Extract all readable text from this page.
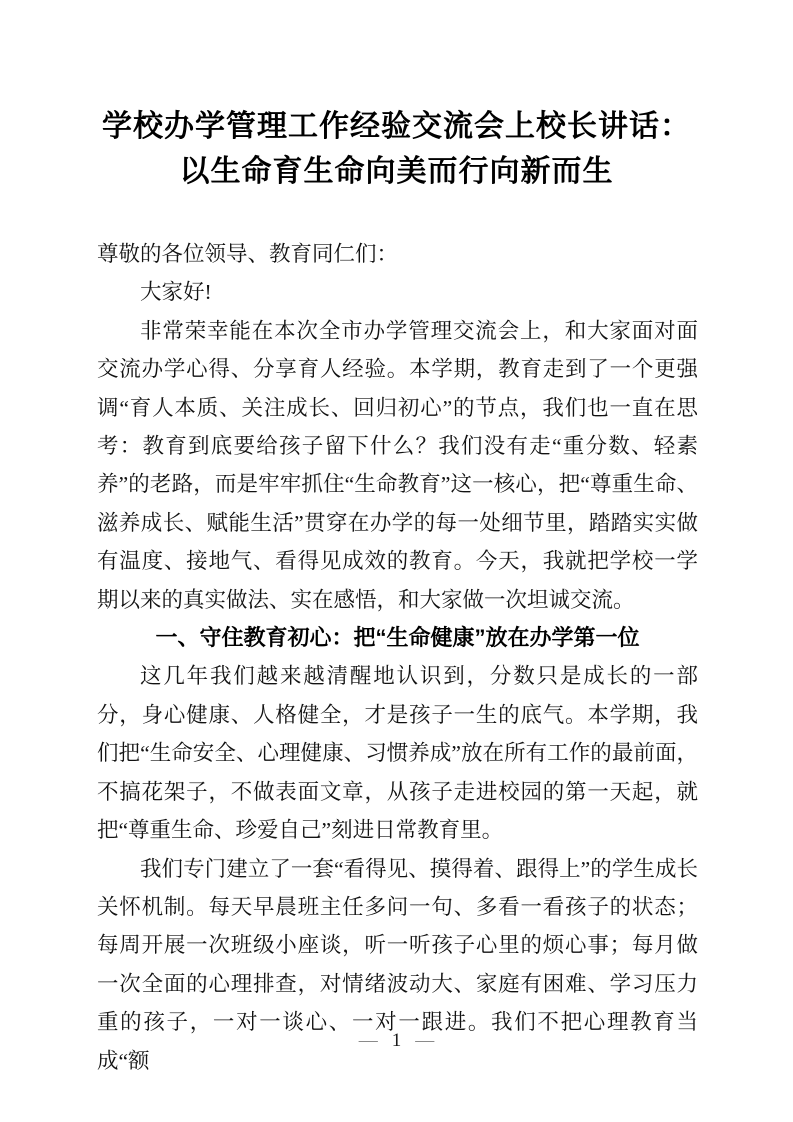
学校办学管理工作经验交流会上校长讲话：
以生命育生命向美而行向新而生

尊敬的各位领导、教育同仁们：

大家好!

非常荣幸能在本次全市办学管理交流会上，和大家面对面交流办学心得、分享育人经验。本学期，教育走到了一个更强调“育人本质、关注成长、回归初心”的节点，我们也一直在思考：教育到底要给孩子留下什么？我们没有走“重分数、轻素养”的老路，而是牢牢抓住“生命教育”这一核心，把“尊重生命、滋养成长、赋能生活”贯穿在办学的每一处细节里，踏踏实实做有温度、接地气、看得见成效的教育。今天，我就把学校一学期以来的真实做法、实在感悟，和大家做一次坦诚交流。

一、守住教育初心：把“生命健康”放在办学第一位

这几年我们越来越清醒地认识到，分数只是成长的一部分，身心健康、人格健全，才是孩子一生的底气。本学期，我们把“生命安全、心理健康、习惯养成”放在所有工作的最前面，不搞花架子，不做表面文章，从孩子走进校园的第一天起，就把“尊重生命、珍爱自己”刻进日常教育里。

我们专门建立了一套“看得见、摸得着、跟得上”的学生成长关怀机制。每天早晨班主任多问一句、多看一看孩子的状态；每周开展一次班级小座谈，听一听孩子心里的烦心事；每月做一次全面的心理排查，对情绪波动大、家庭有困难、学习压力重的孩子，一对一谈心、一对一跟进。我们不把心理教育当成“额

— 1 —
